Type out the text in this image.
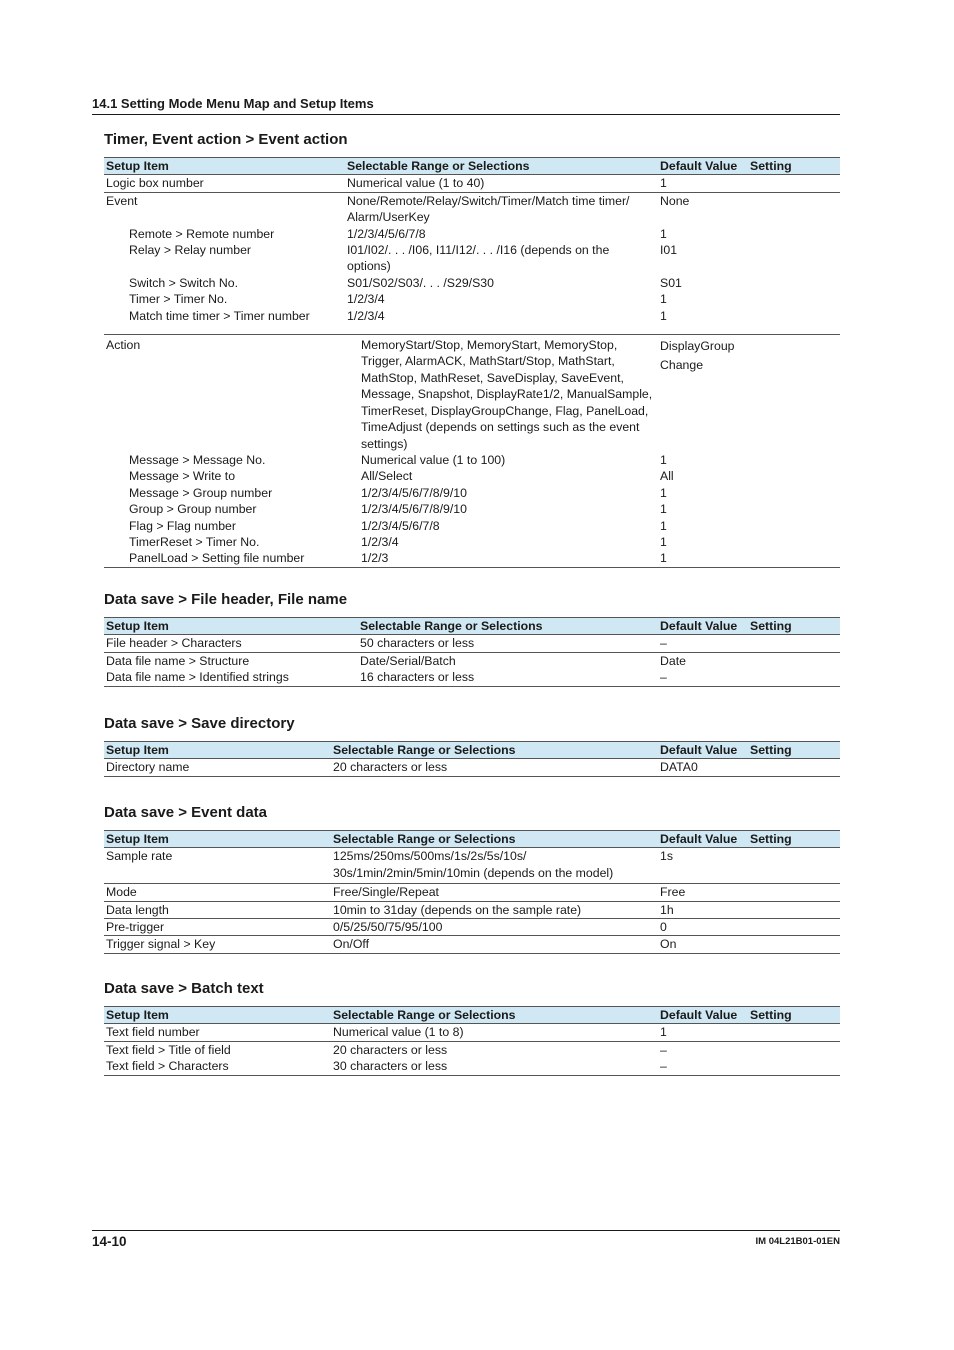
14.1 Setting Mode Menu Map and Setup Items
Timer, Event action > Event action
Setup Item	Selectable Range or Selections	Default Value	Setting
Logic box number	Numerical value (1 to 40)	1	
Event	None/Remote/Relay/Switch/Timer/Match time timer/ Alarm/UserKey	None	
Remote > Remote number	1/2/3/4/5/6/7/8	1	
Relay > Relay number	I01/I02/. . . /I06, I11/I12/. . . /I16 (depends on the options)	I01	
Switch > Switch No.	S01/S02/S03/. . . /S29/S30	S01	
Timer > Timer No.	1/2/3/4	1	
Match time timer > Timer number	1/2/3/4	1	
Action	MemoryStart/Stop, MemoryStart, MemoryStop, Trigger, AlarmACK, MathStart/Stop, MathStart, MathStop, MathReset, SaveDisplay, SaveEvent, Message, Snapshot, DisplayRate1/2, ManualSample, TimerReset, DisplayGroupChange, Flag, PanelLoad, TimeAdjust (depends on settings such as the event settings)	DisplayGroup Change	
Message > Message No.	Numerical value (1 to 100)	1	
Message > Write to	All/Select	All	
Message > Group number	1/2/3/4/5/6/7/8/9/10	1	
Group > Group number	1/2/3/4/5/6/7/8/9/10	1	
Flag > Flag number	1/2/3/4/5/6/7/8	1	
TimerReset > Timer No.	1/2/3/4	1	
PanelLoad > Setting file number	1/2/3	1	
Data save > File header, File name
Setup Item	Selectable Range or Selections	Default Value	Setting
File header > Characters	50 characters or less	–	
Data file name > Structure	Date/Serial/Batch	Date	
Data file name > Identified strings	16 characters or less	–	
Data save > Save directory
Setup Item	Selectable Range or Selections	Default Value	Setting
Directory name	20 characters or less	DATA0	
Data save > Event data
Setup Item	Selectable Range or Selections	Default Value	Setting
Sample rate	125ms/250ms/500ms/1s/2s/5s/10s/ 30s/1min/2min/5min/10min (depends on the model)	1s	
Mode	Free/Single/Repeat	Free	
Data length	10min to 31day (depends on the sample rate)	1h	
Pre-trigger	0/5/25/50/75/95/100	0	
Trigger signal > Key	On/Off	On	
Data save > Batch text
Setup Item	Selectable Range or Selections	Default Value	Setting
Text field number	Numerical value (1 to 8)	1	
Text field > Title of field	20 characters or less	–	
Text field > Characters	30 characters or less	–	
14-10	IM 04L21B01-01EN
